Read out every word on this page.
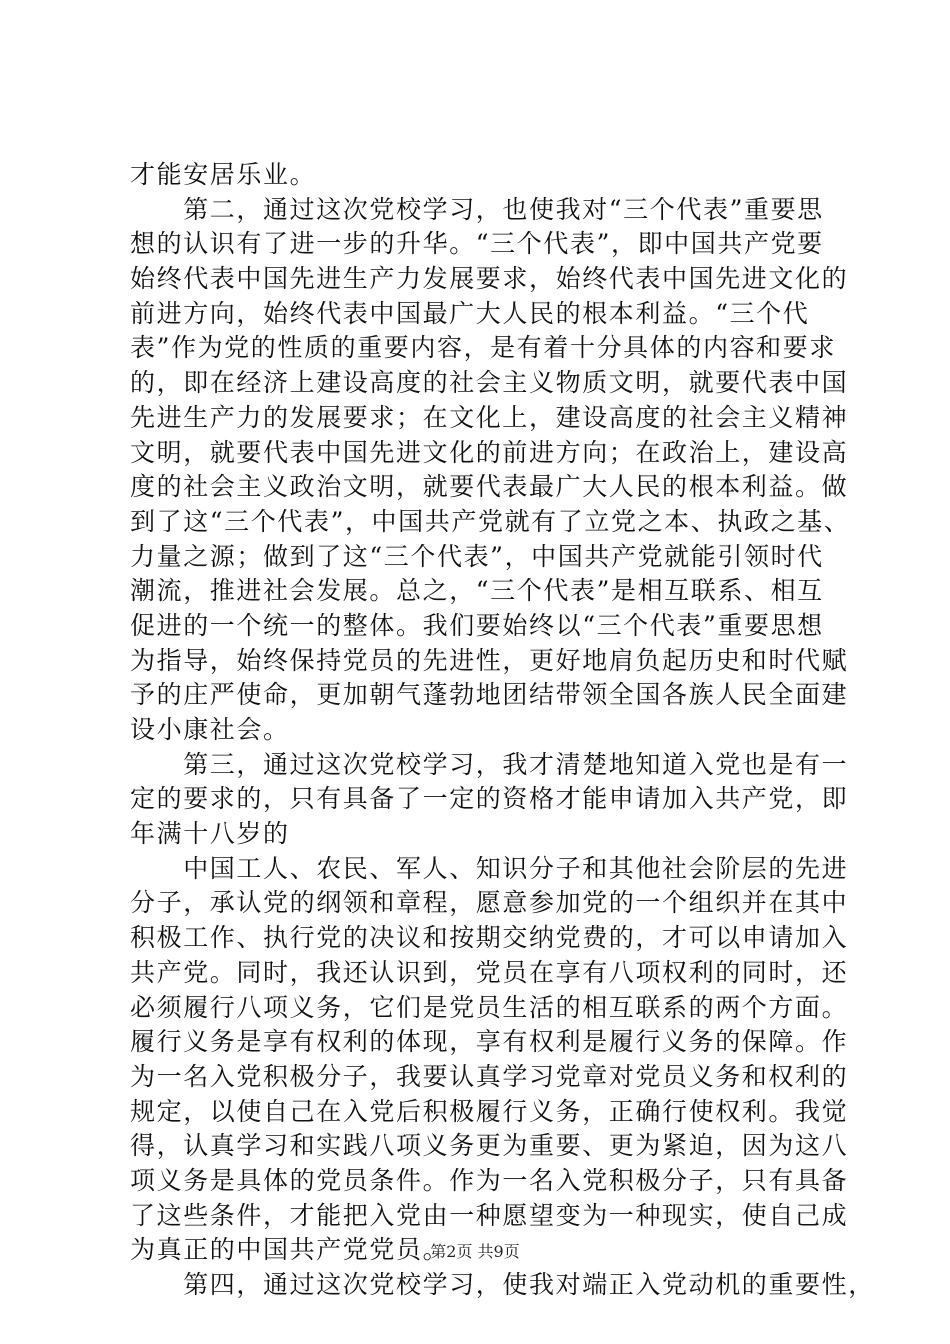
才能安居乐业。
　　第二，通过这次党校学习，也使我对“三个代表”重要思
想的认识有了进一步的升华。“三个代表”，即中国共产党要
始终代表中国先进生产力发展要求，始终代表中国先进文化的
前进方向，始终代表中国最广大人民的根本利益。“三个代
表”作为党的性质的重要内容，是有着十分具体的内容和要求
的，即在经济上建设高度的社会主义物质文明，就要代表中国
先进生产力的发展要求；在文化上，建设高度的社会主义精神
文明，就要代表中国先进文化的前进方向；在政治上，建设高
度的社会主义政治文明，就要代表最广大人民的根本利益。做
到了这“三个代表”，中国共产党就有了立党之本、执政之基、
力量之源；做到了这“三个代表”，中国共产党就能引领时代
潮流，推进社会发展。总之，“三个代表”是相互联系、相互
促进的一个统一的整体。我们要始终以“三个代表”重要思想
为指导，始终保持党员的先进性，更好地肩负起历史和时代赋
予的庄严使命，更加朝气蓬勃地团结带领全国各族人民全面建
设小康社会。
　　第三，通过这次党校学习，我才清楚地知道入党也是有一
定的要求的，只有具备了一定的资格才能申请加入共产党，即
年满十八岁的
　　中国工人、农民、军人、知识分子和其他社会阶层的先进
分子，承认党的纲领和章程，愿意参加党的一个组织并在其中
积极工作、执行党的决议和按期交纳党费的，才可以申请加入
共产党。同时，我还认识到，党员在享有八项权利的同时，还
必须履行八项义务，它们是党员生活的相互联系的两个方面。
履行义务是享有权利的体现，享有权利是履行义务的保障。作
为一名入党积极分子，我要认真学习党章对党员义务和权利的
规定，以使自己在入党后积极履行义务，正确行使权利。我觉
得，认真学习和实践八项义务更为重要、更为紧迫，因为这八
项义务是具体的党员条件。作为一名入党积极分子，只有具备
了这些条件，才能把入党由一种愿望变为一种现实，使自己成
为真正的中国共产党党员。
　　第四，通过这次党校学习，使我对端正入党动机的重要性，
第2页 共9页
